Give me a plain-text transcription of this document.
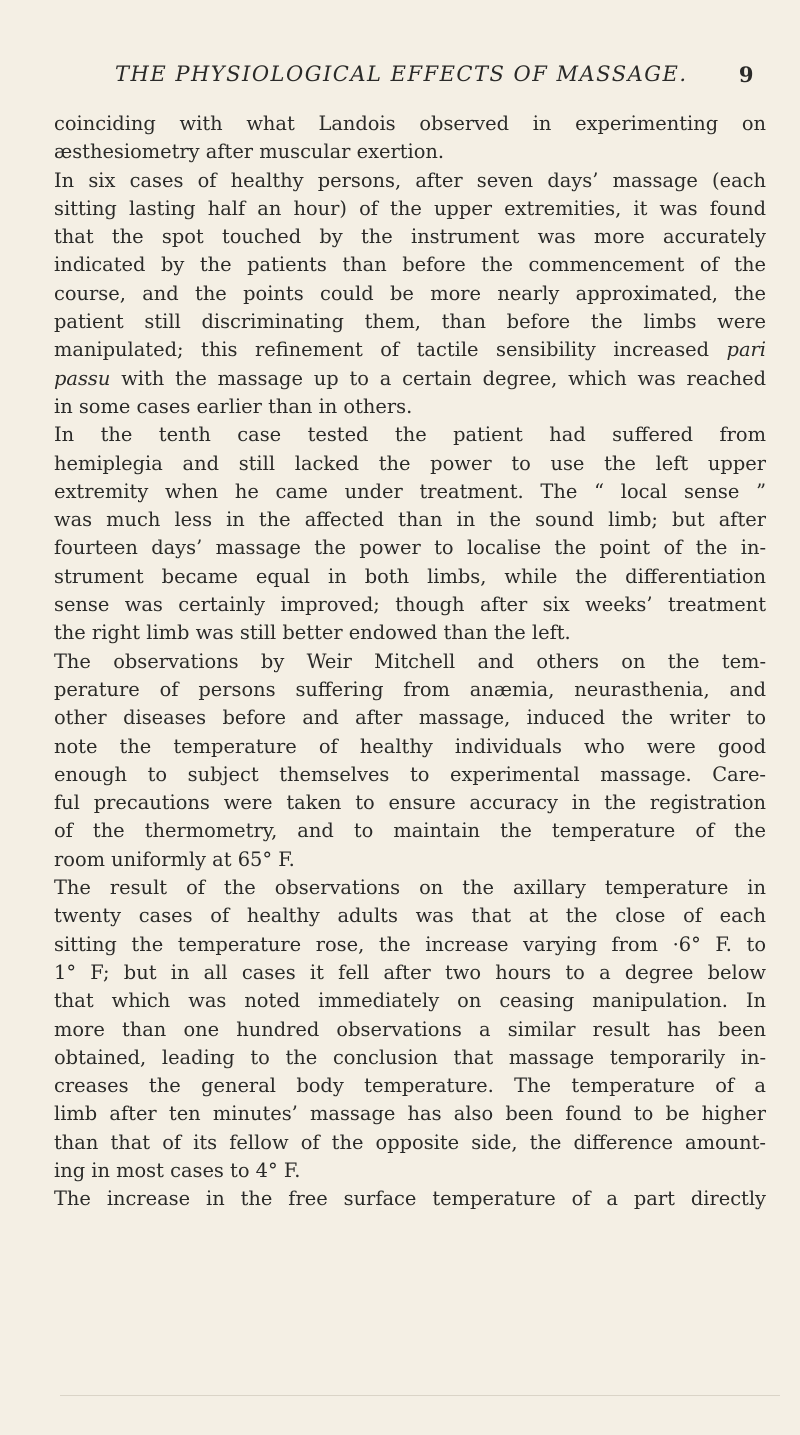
THE PHYSIOLOGICAL EFFECTS OF MASSAGE. 9
coinciding with what Landois observed in experimenting on
æsthesiometry after muscular exertion.
In six cases of healthy persons, after seven days’ massage (each
sitting lasting half an hour) of the upper extremities, it was found
that the spot touched by the instrument was more accurately
indicated by the patients than before the commencement of the
course, and the points could be more nearly approximated, the
patient still discriminating them, than before the limbs were
manipulated; this refinement of tactile sensibility increased pari
passu with the massage up to a certain degree, which was reached
in some cases earlier than in others.
In the tenth case tested the patient had suffered from
hemiplegia and still lacked the power to use the left upper
extremity when he came under treatment. The “ local sense ”
was much less in the affected than in the sound limb; but after
fourteen days’ massage the power to localise the point of the in-
strument became equal in both limbs, while the differentiation
sense was certainly improved; though after six weeks’ treatment
the right limb was still better endowed than the left.
The observations by Weir Mitchell and others on the tem-
perature of persons suffering from anæmia, neurasthenia, and
other diseases before and after massage, induced the writer to
note the temperature of healthy individuals who were good
enough to subject themselves to experimental massage. Care-
ful precautions were taken to ensure accuracy in the registration
of the thermometry, and to maintain the temperature of the
room uniformly at 65° F.
The result of the observations on the axillary temperature in
twenty cases of healthy adults was that at the close of each
sitting the temperature rose, the increase varying from ·6° F. to
1° F; but in all cases it fell after two hours to a degree below
that which was noted immediately on ceasing manipulation. In
more than one hundred observations a similar result has been
obtained, leading to the conclusion that massage temporarily in-
creases the general body temperature. The temperature of a
limb after ten minutes’ massage has also been found to be higher
than that of its fellow of the opposite side, the difference amount-
ing in most cases to 4° F.
The increase in the free surface temperature of a part directly
